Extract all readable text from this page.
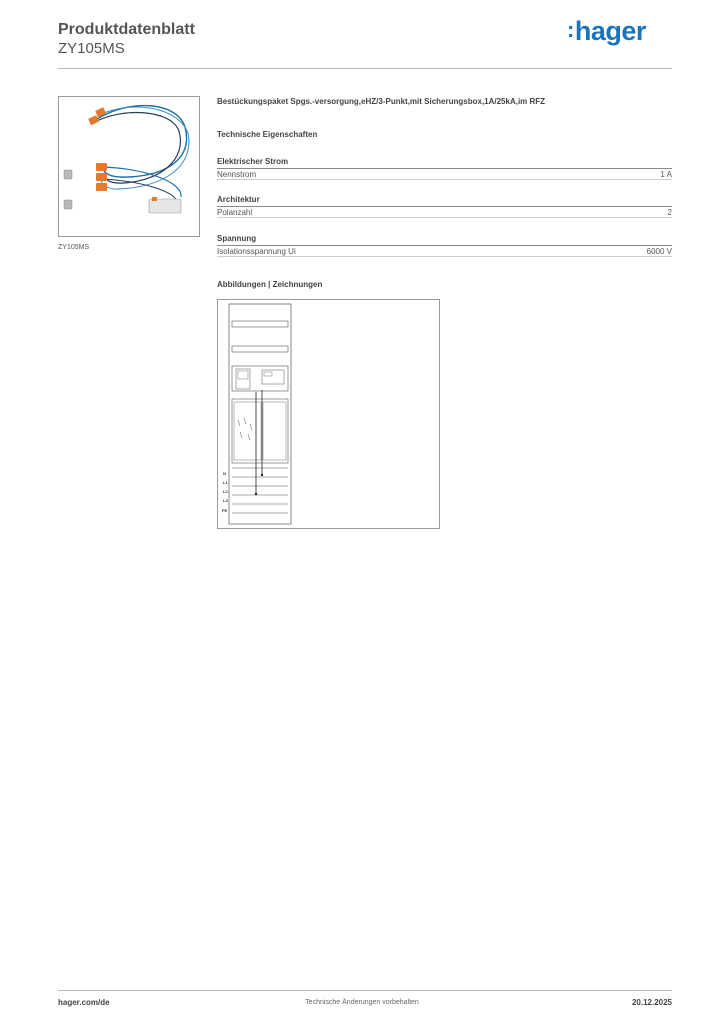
Produktdatenblatt
ZY105MS
:hager
ZY105MS
Bestückungspaket Spgs.-versorgung,eHZ/3-Punkt,mit Sicherungsbox,1A/25kA,im RFZ
Technische Eigenschaften
Elektrischer Strom
Nennstrom	1 A
Architektur
Polanzahl	2
Spannung
Isolationsspannung Ui	6000 V
Abbildungen | Zeichnungen
N
L1
L2
L3
PE
hager.com/de	Technische Änderungen vorbehalten	20.12.2025
